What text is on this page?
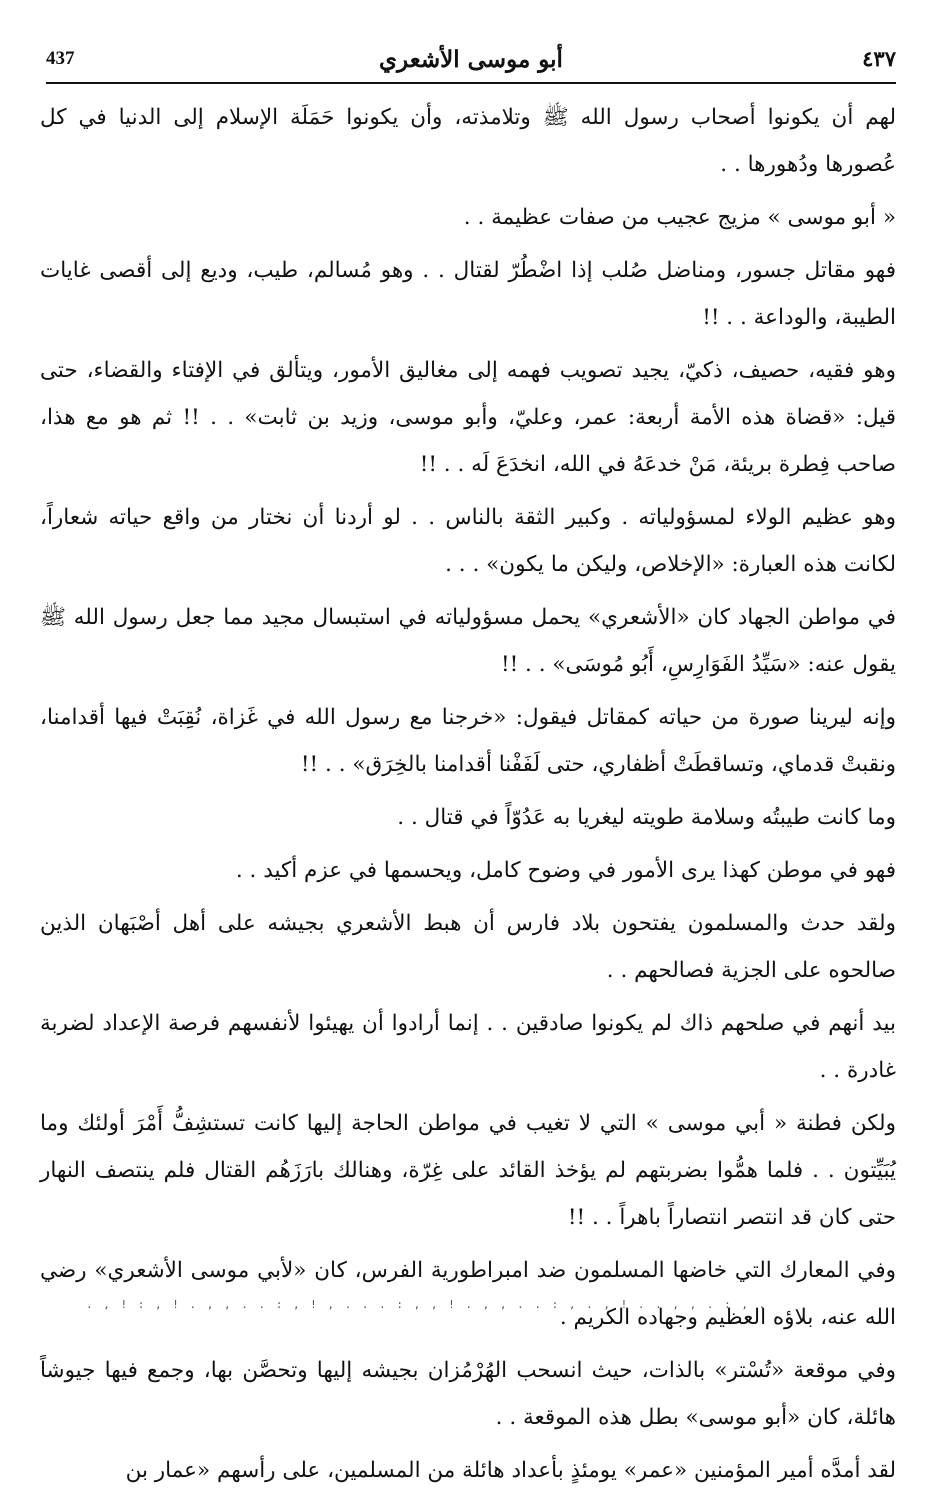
437	أبو موسى الأشعري	٤٣٧

لهم أن يكونوا أصحاب رسول الله ﷺ وتلامذته، وأن يكونوا حَمَلَة الإسلام إلى الدنيا في كل عُصورها ودُهورها . .

« أبو موسى » مزيج عجيب من صفات عظيمة . .

فهو مقاتل جسور، ومناضل صُلب إذا اضْطُرّ لقتال . . وهو مُسالم، طيب، وديع إلى أقصى غايات الطيبة، والوداعة . . !!

وهو فقيه، حصيف، ذكيّ، يجيد تصويب فهمه إلى مغاليق الأمور، ويتألق في الإفتاء والقضاء، حتى قيل: «قضاة هذه الأمة أربعة: عمر، وعليّ، وأبو موسى، وزيد بن ثابت» . . !! ثم هو مع هذا، صاحب فِطرة بريئة، مَنْ خدعَهُ في الله، انخدَعَ لَه . . !!

وهو عظيم الولاء لمسؤولياته . وكبير الثقة بالناس . . لو أردنا أن نختار من واقع حياته شعاراً، لكانت هذه العبارة: «الإخلاص، وليكن ما يكون» . . .

في مواطن الجهاد كان «الأشعري» يحمل مسؤولياته في استبسال مجيد مما جعل رسول الله ﷺ يقول عنه: «سَيِّدُ الفَوَارِسِ، أَبُو مُوسَى» . . !!

وإنه ليرينا صورة من حياته كمقاتل فيقول: «خرجنا مع رسول الله في غَزاة، نُقِبَتْ فيها أقدامنا، ونقبتْ قدماي، وتساقطَتْ أظفاري، حتى لَفَفْنا أقدامنا بالخِرَق» . . !!

وما كانت طيبتُه وسلامة طويته ليغريا به عَدُوّاً في قتال . .

فهو في موطن كهذا يرى الأمور في وضوح كامل، ويحسمها في عزم أكيد . .

ولقد حدث والمسلمون يفتحون بلاد فارس أن هبط الأشعري بجيشه على أهل أصْبَهان الذين صالحوه على الجزية فصالحهم . .

بيد أنهم في صلحهم ذاك لم يكونوا صادقين . . إنما أرادوا أن يهيئوا لأنفسهم فرصة الإعداد لضربة غادرة . .

ولكن فطنة « أبي موسى » التي لا تغيب في مواطن الحاجة إليها كانت تستشِفُّ أَمْرَ أولئك وما يُبَيِّتون . . فلما همُّوا بضربتهم لم يؤخذ القائد على غِرّة، وهنالك بارَزَهُم القتال فلم ينتصف النهار حتى كان قد انتصر انتصاراً باهراً . . !!

وفي المعارك التي خاضها المسلمون ضد امبراطورية الفرس، كان «لأبي موسى الأشعري» رضي الله عنه، بلاؤه العظيم وجهاده الكريم .

وفي موقعة «تُسْتر» بالذات، حيث انسحب الهُرْمُزان بجيشه إليها وتحصَّن بها، وجمع فيها جيوشاً هائلة، كان «أبو موسى» بطل هذه الموقعة . .

لقد أمدَّه أمير المؤمنين «عمر» يومئذٍ بأعداد هائلة من المسلمين، على رأسهم «عمار بن

. , ! : , ! . , , . . : , ! , . . . : , , ! . , , . . : , . , ! . . , , . : , .
